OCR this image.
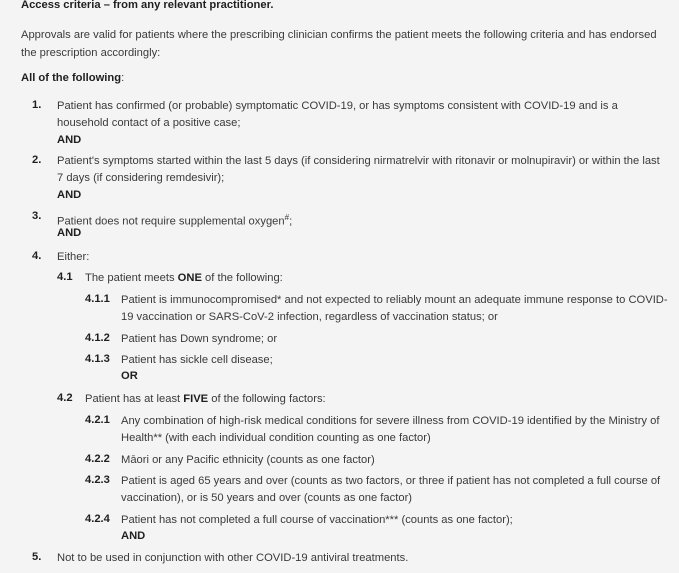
Access criteria – from any relevant practitioner.
Approvals are valid for patients where the prescribing clinician confirms the patient meets the following criteria and has endorsed the prescription accordingly:
All of the following:
1. Patient has confirmed (or probable) symptomatic COVID-19, or has symptoms consistent with COVID-19 and is a household contact of a positive case;
AND
2. Patient's symptoms started within the last 5 days (if considering nirmatrelvir with ritonavir or molnupiravir) or within the last 7 days (if considering remdesivir);
AND
3. Patient does not require supplemental oxygen#;
AND
4. Either:
4.1 The patient meets ONE of the following:
4.1.1 Patient is immunocompromised* and not expected to reliably mount an adequate immune response to COVID-19 vaccination or SARS-CoV-2 infection, regardless of vaccination status; or
4.1.2 Patient has Down syndrome; or
4.1.3 Patient has sickle cell disease;
OR
4.2 Patient has at least FIVE of the following factors:
4.2.1 Any combination of high-risk medical conditions for severe illness from COVID-19 identified by the Ministry of Health** (with each individual condition counting as one factor)
4.2.2 Māori or any Pacific ethnicity (counts as one factor)
4.2.3 Patient is aged 65 years and over (counts as two factors, or three if patient has not completed a full course of vaccination), or is 50 years and over (counts as one factor)
4.2.4 Patient has not completed a full course of vaccination*** (counts as one factor);
AND
5. Not to be used in conjunction with other COVID-19 antiviral treatments.
